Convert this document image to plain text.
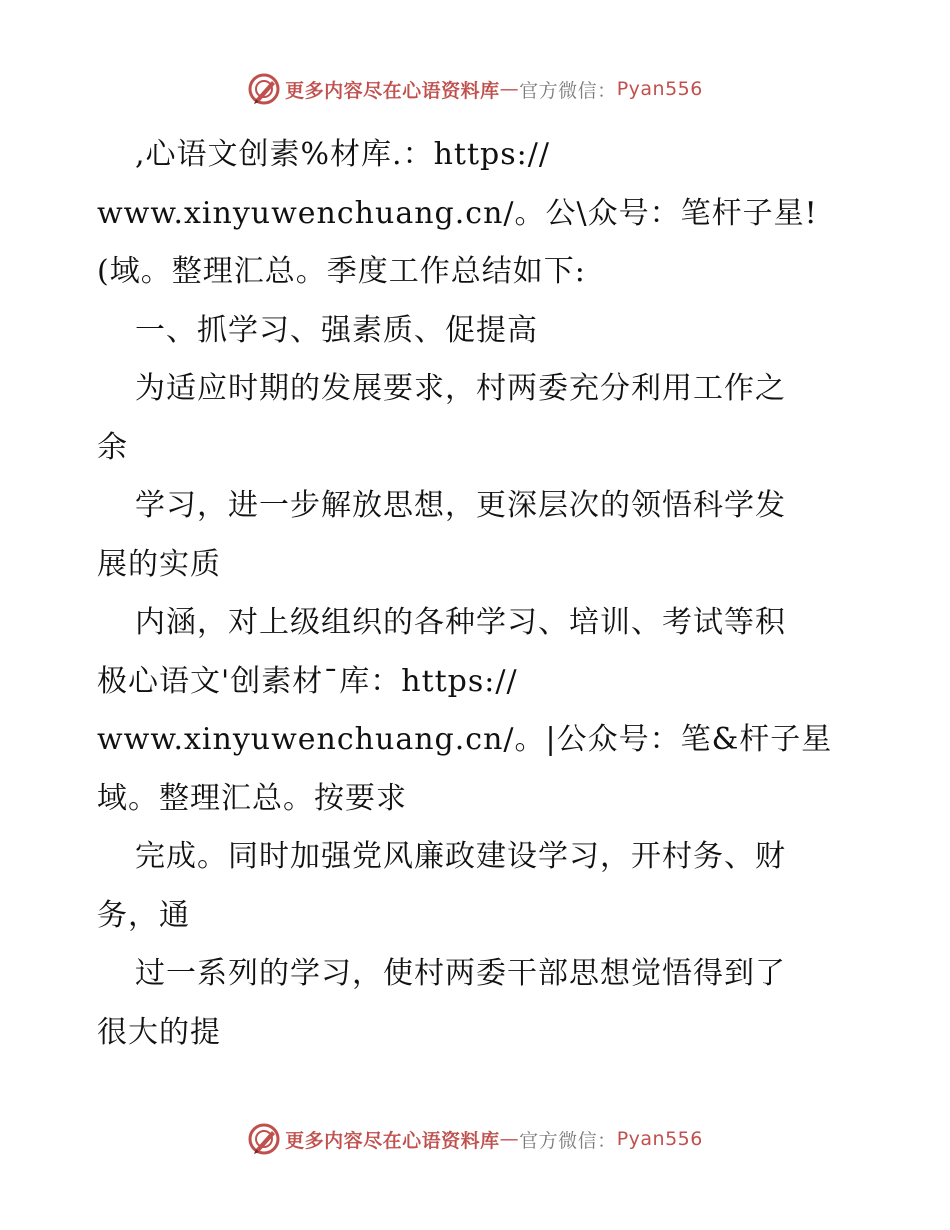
更多内容尽在心语资料库 — 官方微信： Pyan556
,心语文创素%材库.：https://
www.xinyuwenchuang.cn/。公\众号：笔杆子星!
(域。整理汇总。季度工作总结如下:
一、抓学习、强素质、促提高
为适应时期的发展要求，村两委充分利用工作之
余
学习，进一步解放思想，更深层次的领悟科学发
展的实质
内涵，对上级组织的各种学习、培训、考试等积
极心语文'创素材¯库：https://
www.xinyuwenchuang.cn/。|公众号：笔&杆子星
域。整理汇总。按要求
完成。同时加强党风廉政建设学习，开村务、财
务，通
过一系列的学习，使村两委干部思想觉悟得到了
很大的提
更多内容尽在心语资料库 — 官方微信： Pyan556
